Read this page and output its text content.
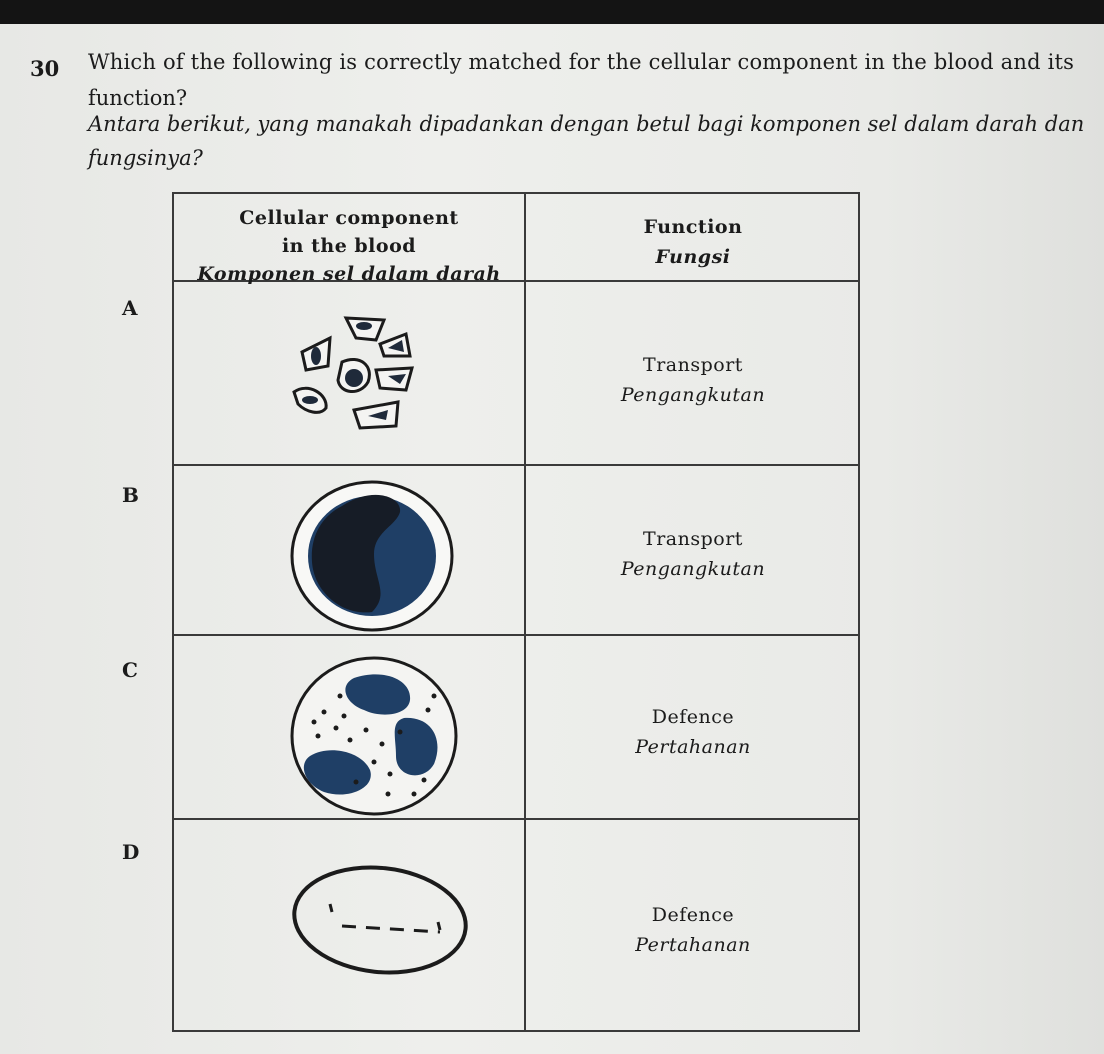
30 Which of the following is correctly matched for the cellular component in the blood and its
function?
Antara berikut, yang manakah dipadankan dengan betul bagi komponen sel dalam darah dan
fungsinya?
A
B
C
D
Cellular component
in the blood
Komponen sel dalam darah
Function
Fungsi
Transport
Pengangkutan
Transport
Pengangkutan
Defence
Pertahanan
Defence
Pertahanan
